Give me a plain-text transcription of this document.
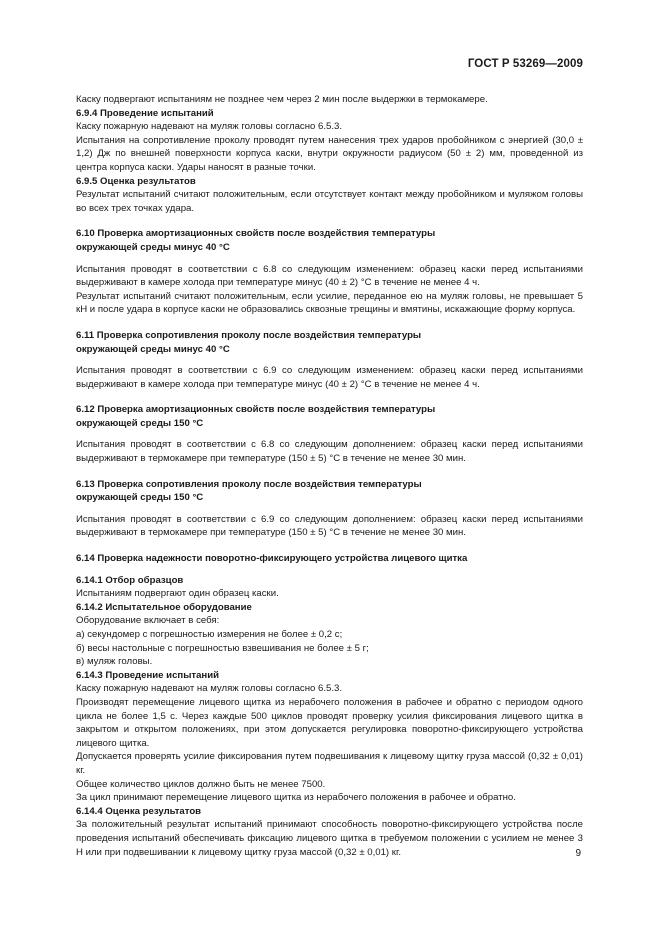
ГОСТ Р 53269—2009

Каску подвергают испытаниям не позднее чем через 2 мин после выдержки в термокамере.

6.9.4 Проведение испытаний

Каску пожарную надевают на муляж головы согласно 6.5.3.

Испытания на сопротивление проколу проводят путем нанесения трех ударов пробойником с энергией (30,0 ± 1,2) Дж по внешней поверхности корпуса каски, внутри окружности радиусом (50 ± 2) мм, проведенной из центра корпуса каски. Удары наносят в разные точки.

6.9.5 Оценка результатов

Результат испытаний считают положительным, если отсутствует контакт между пробойником и муляжом головы во всех трех точках удара.

6.10 Проверка амортизационных свойств после воздействия температуры

окружающей среды минус 40 °С

Испытания проводят в соответствии с 6.8 со следующим изменением: образец каски перед испытаниями выдерживают в камере холода при температуре минус (40 ± 2) °С в течение не менее 4 ч.

Результат испытаний считают положительным, если усилие, переданное ею на муляж головы, не превышает 5 кН и после удара в корпусе каски не образовались сквозные трещины и вмятины, искажающие форму корпуса.

6.11 Проверка сопротивления проколу после воздействия температуры

окружающей среды минус 40 °С

Испытания проводят в соответствии с 6.9 со следующим изменением: образец каски перед испытаниями выдерживают в камере холода при температуре минус (40 ± 2) °С в течение не менее 4 ч.

6.12 Проверка амортизационных свойств после воздействия температуры

окружающей среды 150 °С

Испытания проводят в соответствии с 6.8 со следующим дополнением: образец каски перед испытаниями выдерживают в термокамере при температуре (150 ± 5) °С в течение не менее 30 мин.

6.13 Проверка сопротивления проколу после воздействия температуры

окружающей среды 150 °С

Испытания проводят в соответствии с 6.9 со следующим дополнением: образец каски перед испытаниями выдерживают в термокамере при температуре (150 ± 5) °С в течение не менее 30 мин.

6.14 Проверка надежности поворотно-фиксирующего устройства лицевого щитка

6.14.1 Отбор образцов

Испытаниям подвергают один образец каски.

6.14.2 Испытательное оборудование

Оборудование включает в себя:

а) секундомер с погрешностью измерения не более ± 0,2 с;

б) весы настольные с погрешностью взвешивания не более ± 5 г;

в) муляж головы.

6.14.3 Проведение испытаний

Каску пожарную надевают на муляж головы согласно 6.5.3.

Производят перемещение лицевого щитка из нерабочего положения в рабочее и обратно с периодом одного цикла не более 1,5 с. Через каждые 500 циклов проводят проверку усилия фиксирования лицевого щитка в закрытом и открытом положениях, при этом допускается регулировка поворотно-фиксирующего устройства лицевого щитка.

Допускается проверять усилие фиксирования путем подвешивания к лицевому щитку груза массой (0,32 ± 0,01) кг.

Общее количество циклов должно быть не менее 7500.

За цикл принимают перемещение лицевого щитка из нерабочего положения в рабочее и обратно.

6.14.4 Оценка результатов

За положительный результат испытаний принимают способность поворотно-фиксирующего устройства после проведения испытаний обеспечивать фиксацию лицевого щитка в требуемом положении с усилием не менее 3 Н или при подвешивании к лицевому щитку груза массой (0,32 ± 0,01) кг.	9
